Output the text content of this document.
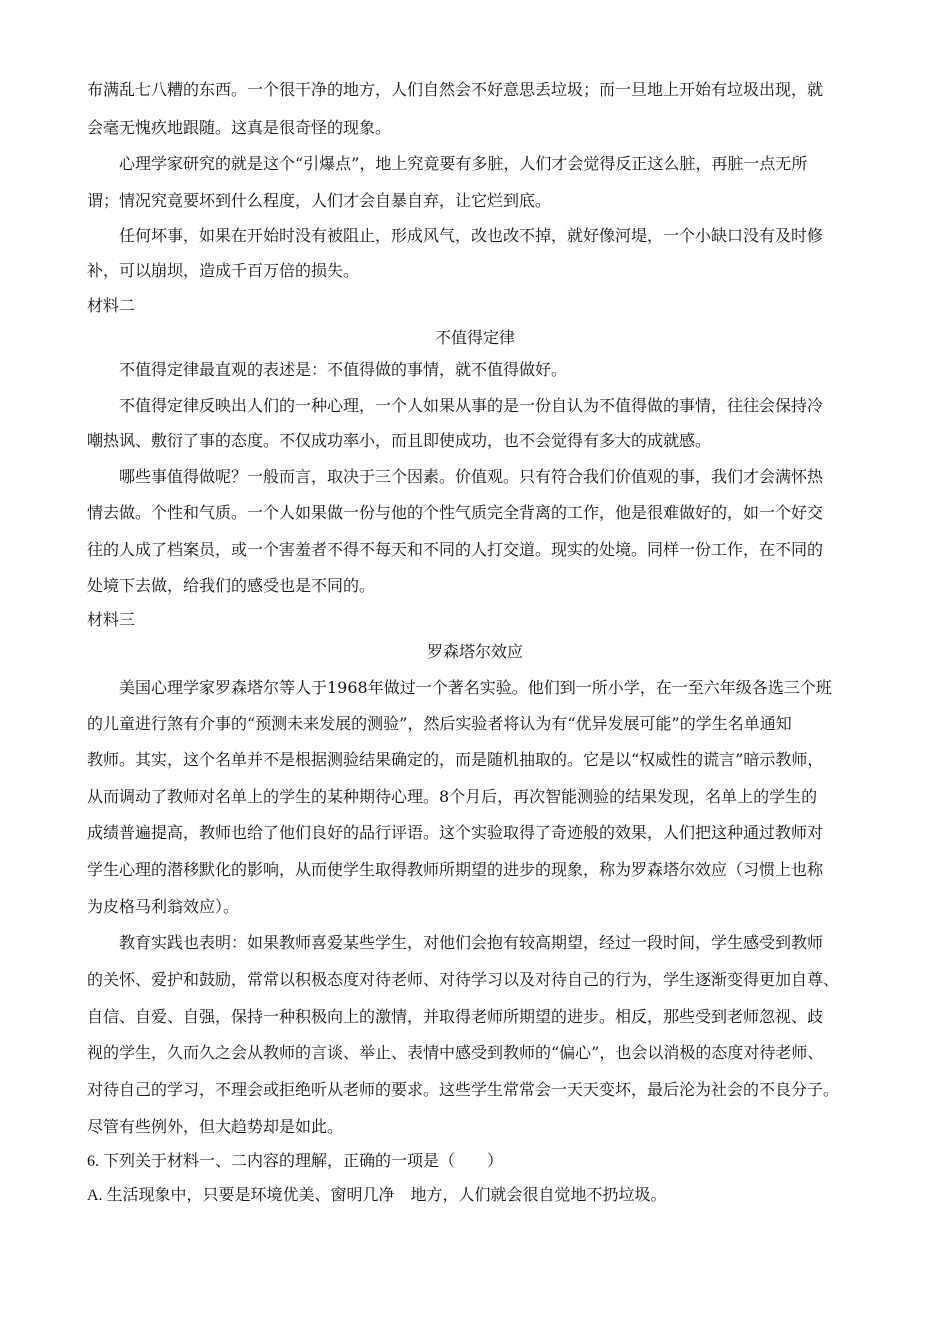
布满乱七八糟的东西。一个很干净的地方，人们自然会不好意思丢垃圾；而一旦地上开始有垃圾出现，就
会毫无愧疚地跟随。这真是很奇怪的现象。
心理学家研究的就是这个“引爆点”，地上究竟要有多脏，人们才会觉得反正这么脏，再脏一点无所
谓；情况究竟要坏到什么程度，人们才会自暴自弃，让它烂到底。
任何坏事，如果在开始时没有被阻止，形成风气，改也改不掉，就好像河堤，一个小缺口没有及时修
补，可以崩坝，造成千百万倍的损失。
材料二
不值得定律
不值得定律最直观的表述是：不值得做的事情，就不值得做好。
不值得定律反映出人们的一种心理，一个人如果从事的是一份自认为不值得做的事情，往往会保持冷
嘲热讽、敷衍了事的态度。不仅成功率小，而且即使成功，也不会觉得有多大的成就感。
哪些事值得做呢？一般而言，取决于三个因素。价值观。只有符合我们价值观的事，我们才会满怀热
情去做。个性和气质。一个人如果做一份与他的个性气质完全背离的工作，他是很难做好的，如一个好交
往的人成了档案员，或一个害羞者不得不每天和不同的人打交道。现实的处境。同样一份工作，在不同的
处境下去做，给我们的感受也是不同的。
材料三
罗森塔尔效应
美国心理学家罗森塔尔等人于1968年做过一个著名实验。他们到一所小学，在一至六年级各选三个班
的儿童进行煞有介事的“预测未来发展的测验”，然后实验者将认为有“优异发展可能”的学生名单通知
教师。其实，这个名单并不是根据测验结果确定的，而是随机抽取的。它是以“权威性的谎言”暗示教师，
从而调动了教师对名单上的学生的某种期待心理。8个月后，再次智能测验的结果发现，名单上的学生的
成绩普遍提高，教师也给了他们良好的品行评语。这个实验取得了奇迹般的效果，人们把这种通过教师对
学生心理的潜移默化的影响，从而使学生取得教师所期望的进步的现象，称为罗森塔尔效应（习惯上也称
为皮格马利翁效应）。
教育实践也表明：如果教师喜爱某些学生，对他们会抱有较高期望，经过一段时间，学生感受到教师
的关怀、爱护和鼓励，常常以积极态度对待老师、对待学习以及对待自己的行为，学生逐渐变得更加自尊、
自信、自爱、自强，保持一种积极向上的激情，并取得老师所期望的进步。相反，那些受到老师忽视、歧
视的学生，久而久之会从教师的言谈、举止、表情中感受到教师的“偏心”，也会以消极的态度对待老师、
对待自己的学习，不理会或拒绝听从老师的要求。这些学生常常会一天天变坏，最后沦为社会的不良分子。
尽管有些例外，但大趋势却是如此。
6. 下列关于材料一、二内容的理解，正确的一项是（　　）
A. 生活现象中，只要是环境优美、窗明几净　地方，人们就会很自觉地不扔垃圾。
